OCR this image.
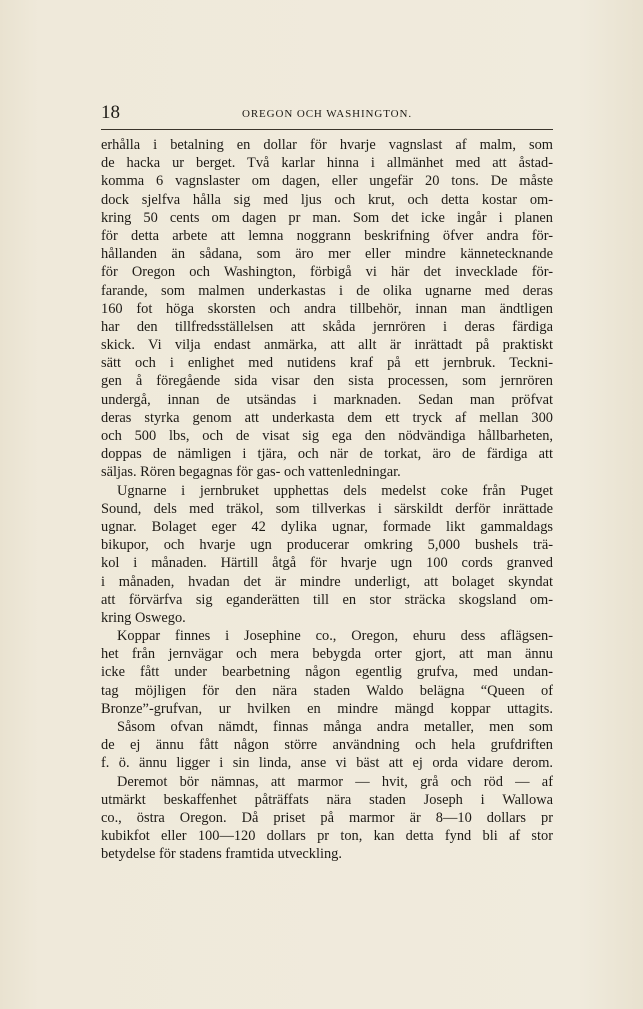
18	OREGON OCH WASHINGTON.
erhålla i betalning en dollar för hvarje vagnslast af malm, som
de hacka ur berget. Två karlar hinna i allmänhet med att åstad-
komma 6 vagnslaster om dagen, eller ungefär 20 tons. De måste
dock sjelfva hålla sig med ljus och krut, och detta kostar om-
kring 50 cents om dagen pr man. Som det icke ingår i planen
för detta arbete att lemna noggrann beskrifning öfver andra för-
hållanden än sådana, som äro mer eller mindre kännetecknande
för Oregon och Washington, förbigå vi här det invecklade för-
farande, som malmen underkastas i de olika ugnarne med deras
160 fot höga skorsten och andra tillbehör, innan man ändtligen
har den tillfredsställelsen att skåda jernrören i deras färdiga
skick. Vi vilja endast anmärka, att allt är inrättadt på praktiskt
sätt och i enlighet med nutidens kraf på ett jernbruk. Teckni-
gen å föregående sida visar den sista processen, som jernrören
undergå, innan de utsändas i marknaden. Sedan man pröfvat
deras styrka genom att underkasta dem ett tryck af mellan 300
och 500 lbs, och de visat sig ega den nödvändiga hållbarheten,
doppas de nämligen i tjära, och när de torkat, äro de färdiga att
säljas. Rören begagnas för gas- och vattenledningar.
Ugnarne i jernbruket upphettas dels medelst coke från Puget
Sound, dels med träkol, som tillverkas i särskildt derför inrättade
ugnar. Bolaget eger 42 dylika ugnar, formade likt gammaldags
bikupor, och hvarje ugn producerar omkring 5,000 bushels trä-
kol i månaden. Härtill åtgå för hvarje ugn 100 cords granved
i månaden, hvadan det är mindre underligt, att bolaget skyndat
att förvärfva sig eganderätten till en stor sträcka skogsland om-
kring Oswego.
Koppar finnes i Josephine co., Oregon, ehuru dess aflägsen-
het från jernvägar och mera bebygda orter gjort, att man ännu
icke fått under bearbetning någon egentlig grufva, med undan-
tag möjligen för den nära staden Waldo belägna “Queen of
Bronze”-grufvan, ur hvilken en mindre mängd koppar uttagits.
Såsom ofvan nämdt, finnas många andra metaller, men som
de ej ännu fått någon större användning och hela grufdriften
f. ö. ännu ligger i sin linda, anse vi bäst att ej orda vidare derom.
Deremot bör nämnas, att marmor — hvit, grå och röd — af
utmärkt beskaffenhet påträffats nära staden Joseph i Wallowa
co., östra Oregon. Då priset på marmor är 8—10 dollars pr
kubikfot eller 100—120 dollars pr ton, kan detta fynd bli af stor
betydelse för stadens framtida utveckling.
